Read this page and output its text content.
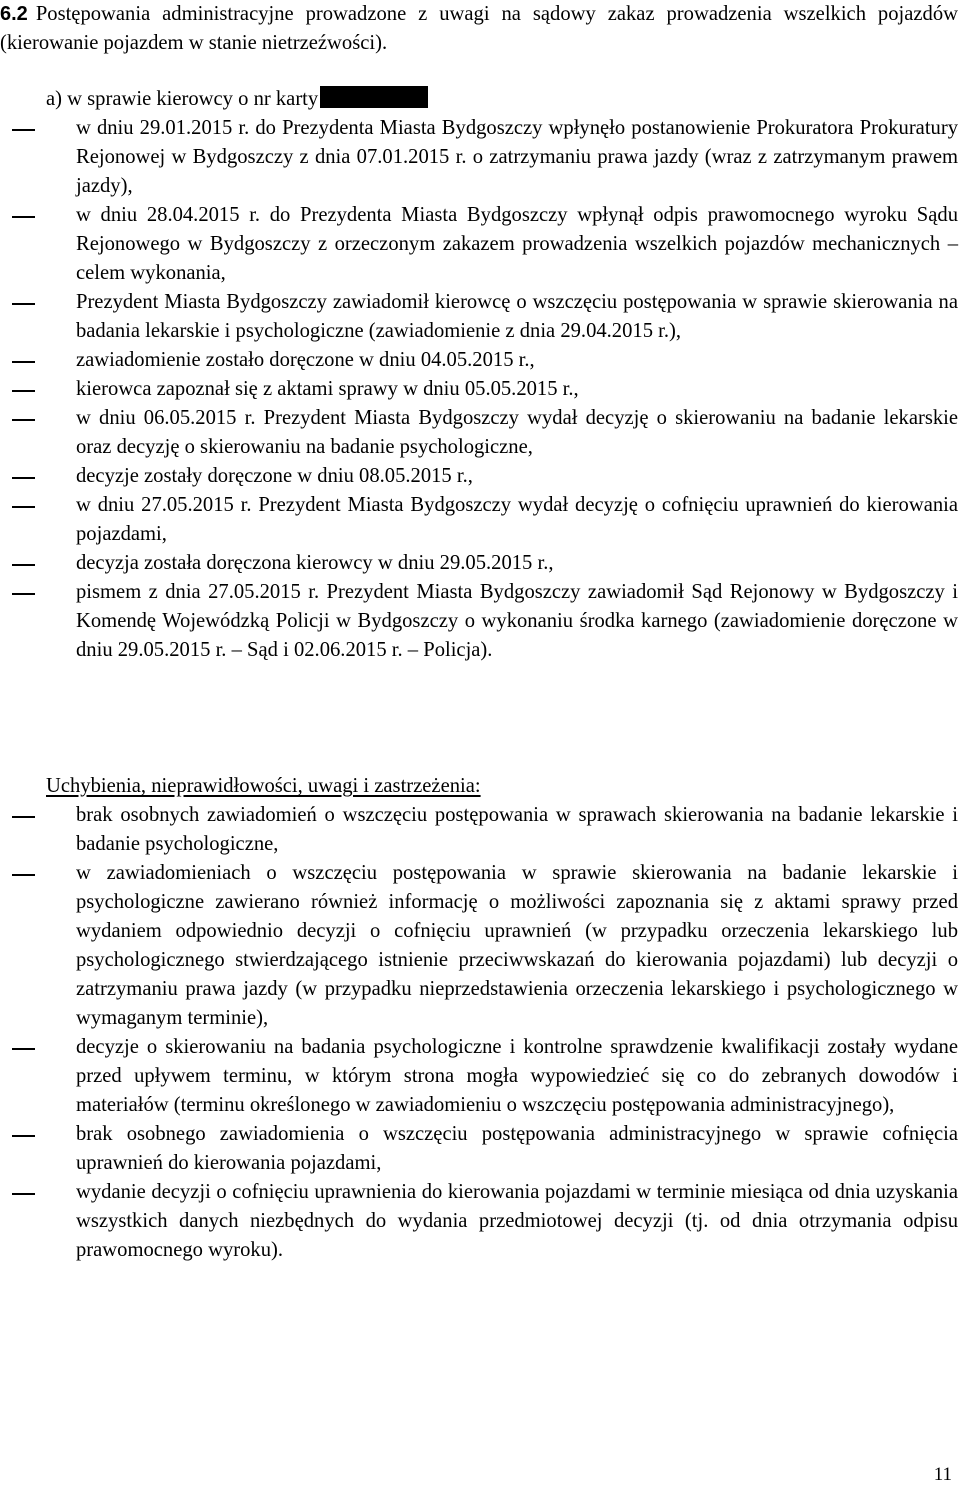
6.2 Postępowania administracyjne prowadzone z uwagi na sądowy zakaz prowadzenia wszelkich pojazdów (kierowanie pojazdem w stanie nietrzeźwości).
a) w sprawie kierowcy o nr karty
w dniu 29.01.2015 r. do Prezydenta Miasta Bydgoszczy wpłynęło postanowienie Prokuratora Prokuratury Rejonowej w Bydgoszczy z dnia 07.01.2015 r. o zatrzymaniu prawa jazdy (wraz z zatrzymanym prawem jazdy),
w dniu 28.04.2015 r. do Prezydenta Miasta Bydgoszczy wpłynął odpis prawomocnego wyroku Sądu Rejonowego w Bydgoszczy z orzeczonym zakazem prowadzenia wszelkich pojazdów mechanicznych – celem wykonania,
Prezydent Miasta Bydgoszczy zawiadomił kierowcę o wszczęciu postępowania w sprawie skierowania na badania lekarskie i psychologiczne (zawiadomienie z dnia 29.04.2015 r.),
zawiadomienie zostało doręczone w dniu 04.05.2015 r.,
kierowca zapoznał się z aktami sprawy w dniu 05.05.2015 r.,
w dniu 06.05.2015 r. Prezydent Miasta Bydgoszczy wydał decyzję o skierowaniu na badanie lekarskie oraz decyzję o skierowaniu na badanie psychologiczne,
decyzje zostały doręczone w dniu 08.05.2015 r.,
w dniu 27.05.2015 r. Prezydent Miasta Bydgoszczy wydał decyzję o cofnięciu uprawnień do kierowania pojazdami,
decyzja została doręczona kierowcy w dniu 29.05.2015 r.,
pismem z dnia 27.05.2015 r. Prezydent Miasta Bydgoszczy zawiadomił Sąd Rejonowy w Bydgoszczy i Komendę Wojewódzką Policji w Bydgoszczy o wykonaniu środka karnego (zawiadomienie doręczone w dniu 29.05.2015 r. – Sąd i 02.06.2015 r. – Policja).
Uchybienia, nieprawidłowości, uwagi i zastrzeżenia:
brak osobnych zawiadomień o wszczęciu postępowania w sprawach skierowania na badanie lekarskie i badanie psychologiczne,
w zawiadomieniach o wszczęciu postępowania w sprawie skierowania na badanie lekarskie i psychologiczne zawierano również informację o możliwości zapoznania się z aktami sprawy przed wydaniem odpowiednio decyzji o cofnięciu uprawnień (w przypadku orzeczenia lekarskiego lub psychologicznego stwierdzającego istnienie przeciwwskazań do kierowania pojazdami) lub decyzji o zatrzymaniu prawa jazdy (w przypadku nieprzedstawienia orzeczenia lekarskiego i psychologicznego w wymaganym terminie),
decyzje o skierowaniu na badania psychologiczne i kontrolne sprawdzenie kwalifikacji zostały wydane przed upływem terminu, w którym strona mogła wypowiedzieć się co do zebranych dowodów i materiałów (terminu określonego w zawiadomieniu o wszczęciu postępowania administracyjnego),
brak osobnego zawiadomienia o wszczęciu postępowania administracyjnego w sprawie cofnięcia uprawnień do kierowania pojazdami,
wydanie decyzji o cofnięciu uprawnienia do kierowania pojazdami w terminie miesiąca od dnia uzyskania wszystkich danych niezbędnych do wydania przedmiotowej decyzji (tj. od dnia otrzymania odpisu prawomocnego wyroku).
11
